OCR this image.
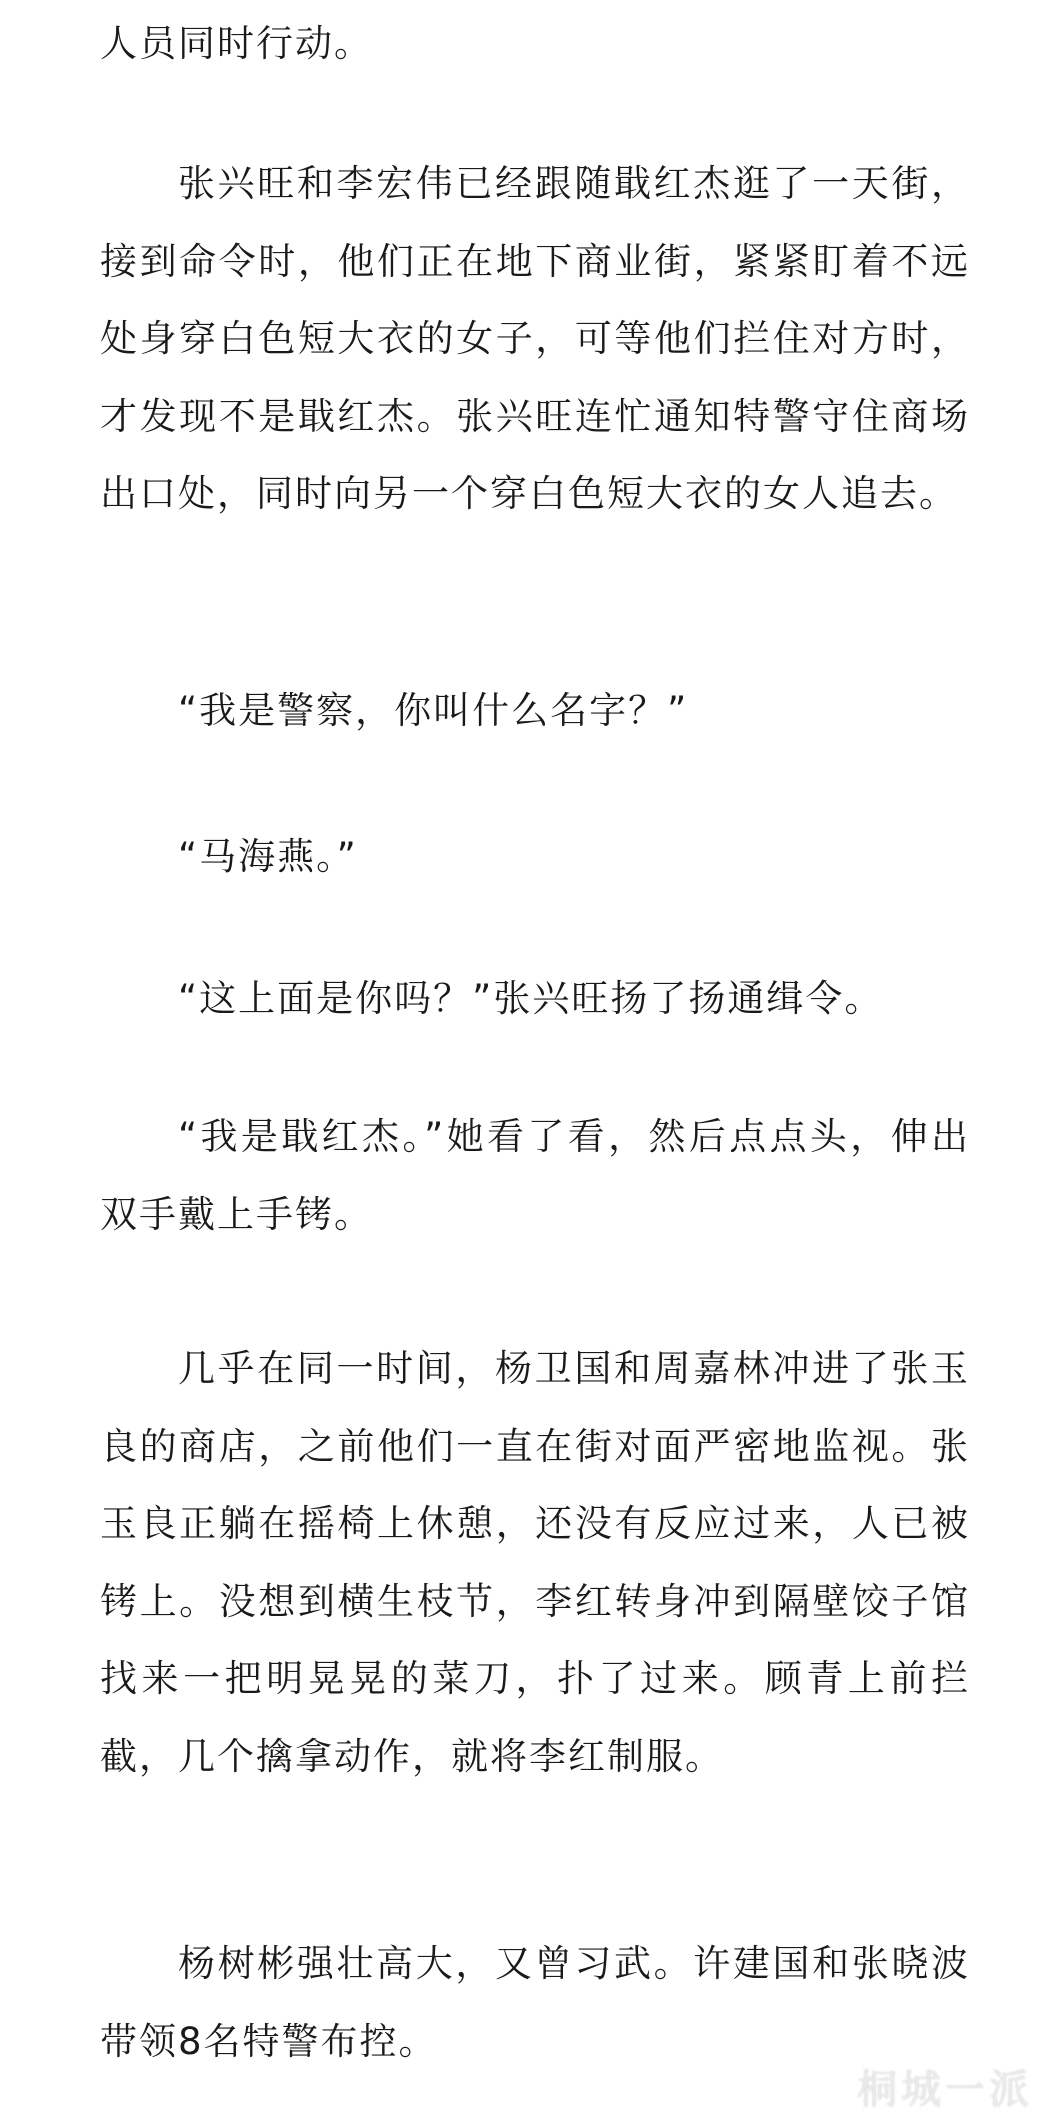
人员同时行动。

张兴旺和李宏伟已经跟随戢红杰逛了一天街，接到命令时，他们正在地下商业街，紧紧盯着不远处身穿白色短大衣的女子，可等他们拦住对方时，才发现不是戢红杰。张兴旺连忙通知特警守住商场出口处，同时向另一个穿白色短大衣的女人追去。

“我是警察，你叫什么名字？”

“马海燕。”

“这上面是你吗？”张兴旺扬了扬通缉令。

“我是戢红杰。”她看了看，然后点点头，伸出双手戴上手铐。

几乎在同一时间，杨卫国和周嘉林冲进了张玉良的商店，之前他们一直在街对面严密地监视。张玉良正躺在摇椅上休憩，还没有反应过来，人已被铐上。没想到横生枝节，李红转身冲到隔壁饺子馆找来一把明晃晃的菜刀，扑了过来。顾青上前拦截，几个擒拿动作，就将李红制服。

杨树彬强壮高大，又曾习武。许建国和张晓波带领8名特警布控。

桐城一派
